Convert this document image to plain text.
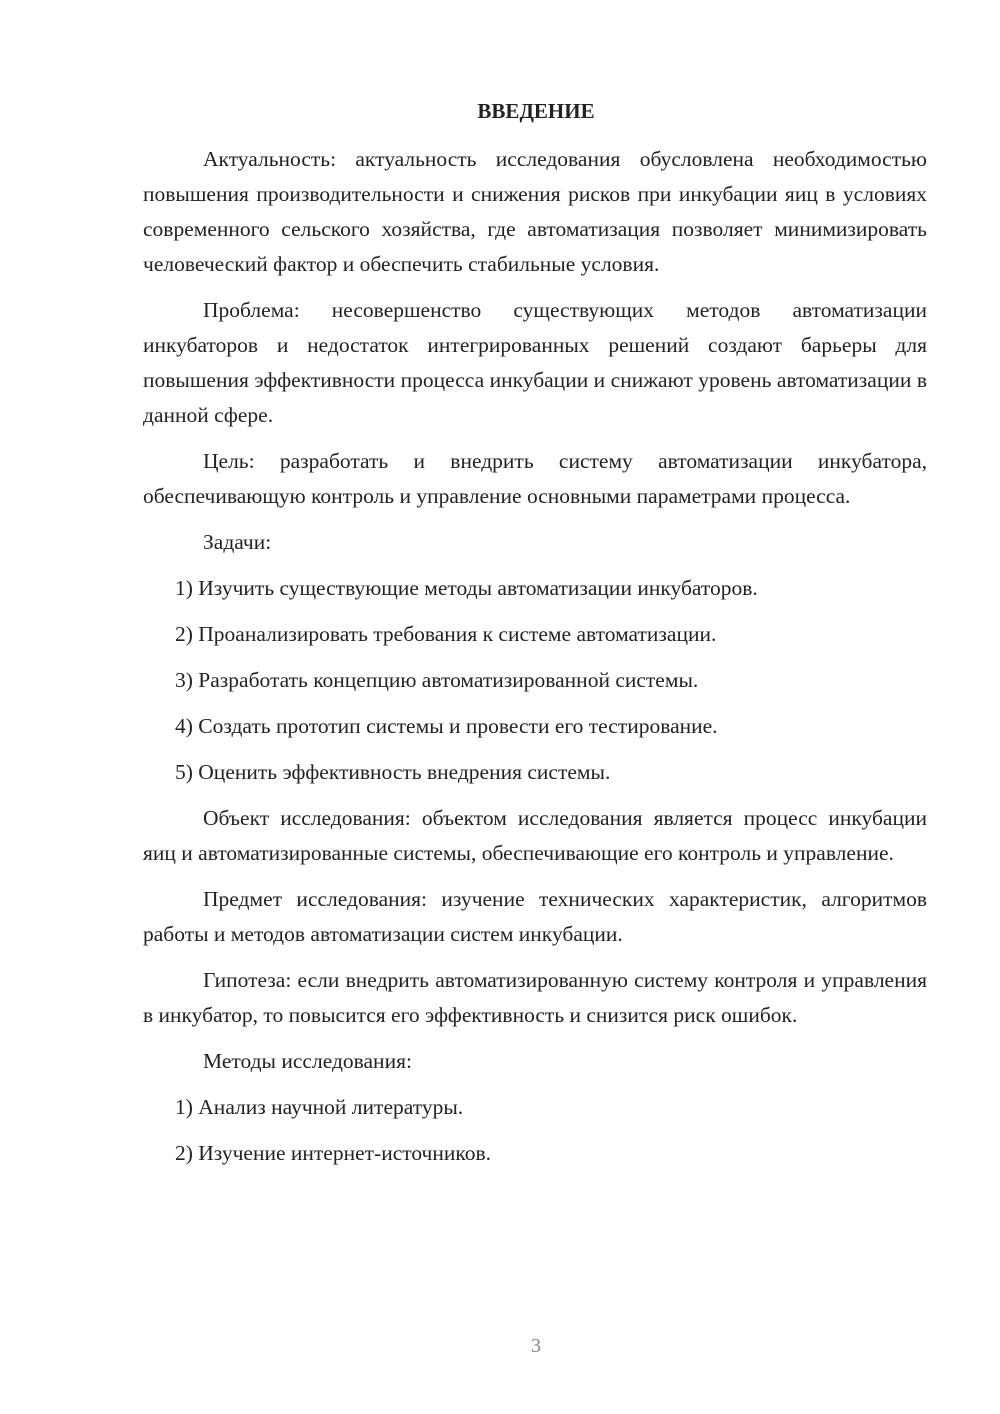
ВВЕДЕНИЕ

Актуальность: актуальность исследования обусловлена необходимостью повышения производительности и снижения рисков при инкубации яиц в условиях современного сельского хозяйства, где автоматизация позволяет минимизировать человеческий фактор и обеспечить стабильные условия.

Проблема: несовершенство существующих методов автоматизации инкубаторов и недостаток интегрированных решений создают барьеры для повышения эффективности процесса инкубации и снижают уровень автоматизации в данной сфере.

Цель: разработать и внедрить систему автоматизации инкубатора, обеспечивающую контроль и управление основными параметрами процесса.

Задачи:

1) Изучить существующие методы автоматизации инкубаторов.

2) Проанализировать требования к системе автоматизации.

3) Разработать концепцию автоматизированной системы.

4) Создать прототип системы и провести его тестирование.

5) Оценить эффективность внедрения системы.

Объект исследования: объектом исследования является процесс инкубации яиц и автоматизированные системы, обеспечивающие его контроль и управление.

Предмет исследования: изучение технических характеристик, алгоритмов работы и методов автоматизации систем инкубации.

Гипотеза: если внедрить автоматизированную систему контроля и управления в инкубатор, то повысится его эффективность и снизится риск ошибок.

Методы исследования:

1) Анализ научной литературы.

2) Изучение интернет-источников.

3
